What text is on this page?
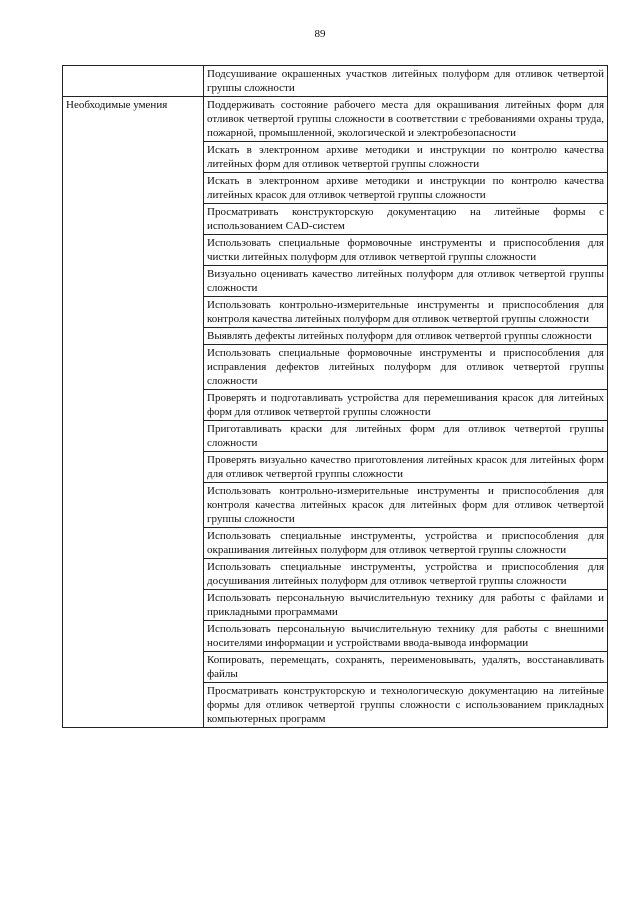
89
	Подсушивание окрашенных участков литейных полуформ для отливок четвертой группы сложности
Необходимые умения	Поддерживать состояние рабочего места для окрашивания литейных форм для отливок четвертой группы сложности в соответствии с требованиями охраны труда, пожарной, промышленной, экологической и электробезопасности
	Искать в электронном архиве методики и инструкции по контролю качества литейных форм для отливок четвертой группы сложности
	Искать в электронном архиве методики и инструкции по контролю качества литейных красок для отливок четвертой группы сложности
	Просматривать конструкторскую документацию на литейные формы с использованием CAD-систем
	Использовать специальные формовочные инструменты и приспособления для чистки литейных полуформ для отливок четвертой группы сложности
	Визуально оценивать качество литейных полуформ для отливок четвертой группы сложности
	Использовать контрольно-измерительные инструменты и приспособления для контроля качества литейных полуформ для отливок четвертой группы сложности
	Выявлять дефекты литейных полуформ для отливок четвертой группы сложности
	Использовать специальные формовочные инструменты и приспособления для исправления дефектов литейных полуформ для отливок четвертой группы сложности
	Проверять и подготавливать устройства для перемешивания красок для литейных форм для отливок четвертой группы сложности
	Приготавливать краски для литейных форм для отливок четвертой группы сложности
	Проверять визуально качество приготовления литейных красок для литейных форм для отливок четвертой группы сложности
	Использовать контрольно-измерительные инструменты и приспособления для контроля качества литейных красок для литейных форм для отливок четвертой группы сложности
	Использовать специальные инструменты, устройства и приспособления для окрашивания литейных полуформ для отливок четвертой группы сложности
	Использовать специальные инструменты, устройства и приспособления для досушивания литейных полуформ для отливок четвертой группы сложности
	Использовать персональную вычислительную технику для работы с файлами и прикладными программами
	Использовать персональную вычислительную технику для работы с внешними носителями информации и устройствами ввода-вывода информации
	Копировать, перемещать, сохранять, переименовывать, удалять, восстанавливать файлы
	Просматривать конструкторскую и технологическую документацию на литейные формы для отливок четвертой группы сложности с использованием прикладных компьютерных программ
